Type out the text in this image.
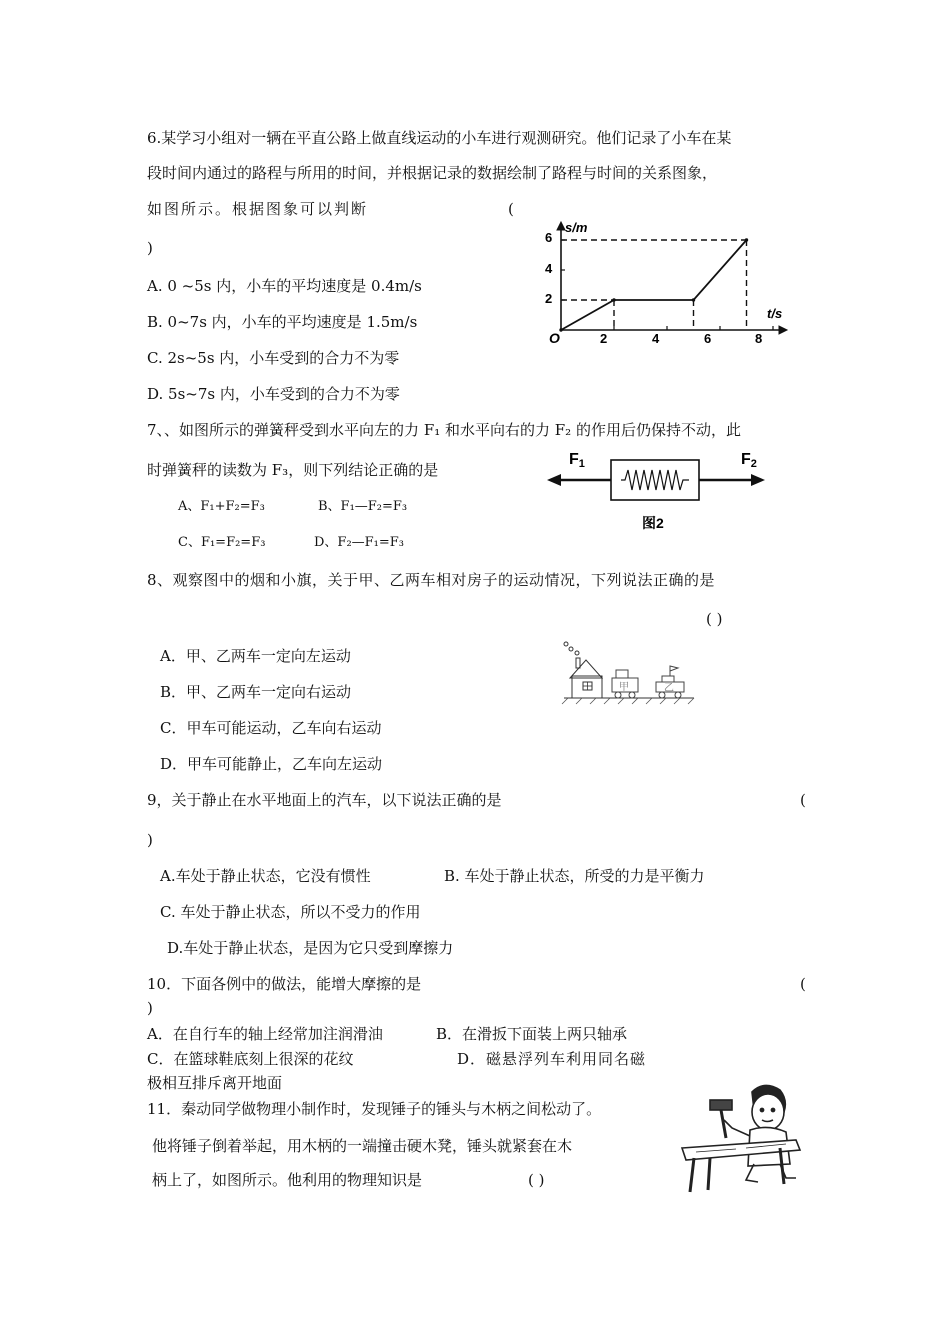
6.某学习小组对一辆在平直公路上做直线运动的小车进行观测研究。他们记录了小车在某
段时间内通过的路程与所用的时间，并根据记录的数据绘制了路程与时间的关系图象，
如图所示。根据图象可以判断	(
)
A. 0 ~5s 内，小车的平均速度是 0.4m/s
B. 0~7s 内，小车的平均速度是 1.5m/s
C. 2s~5s 内，小车受到的合力不为零
D. 5s~7s 内，小车受到的合力不为零
s/m
t/s
O
2
4
6
2	4	6	8
7、、如图所示的弹簧秤受到水平向左的力 F₁ 和水平向右的力 F₂ 的作用后仍保持不动，此
时弹簧秤的读数为 F₃，则下列结论正确的是
A、F₁+F₂=F₃	B、F₁—F₂=F₃
C、F₁=F₂=F₃	D、F₂—F₁=F₃
F1	F2
图2
8、观察图中的烟和小旗，关于甲、乙两车相对房子的运动情况，下列说法正确的是
( )
A．甲、乙两车一定向左运动
B．甲、乙两车一定向右运动
C．甲车可能运动，乙车向右运动
D．甲车可能静止，乙车向左运动
甲	乙
9，关于静止在水平地面上的汽车，以下说法正确的是	(
)
A.车处于静止状态，它没有惯性	B. 车处于静止状态，所受的力是平衡力
C. 车处于静止状态，所以不受力的作用
D.车处于静止状态，是因为它只受到摩擦力
10．下面各例中的做法，能增大摩擦的是	(
)
A．在自行车的轴上经常加注润滑油	B．在滑扳下面装上两只轴承
C．在篮球鞋底刻上很深的花纹	D．磁悬浮列车利用同名磁
极相互排斥离开地面
11．秦动同学做物理小制作时，发现锤子的锤头与木柄之间松动了。
他将锤子倒着举起，用木柄的一端撞击硬木凳，锤头就紧套在木
柄上了，如图所示。他利用的物理知识是	( )
